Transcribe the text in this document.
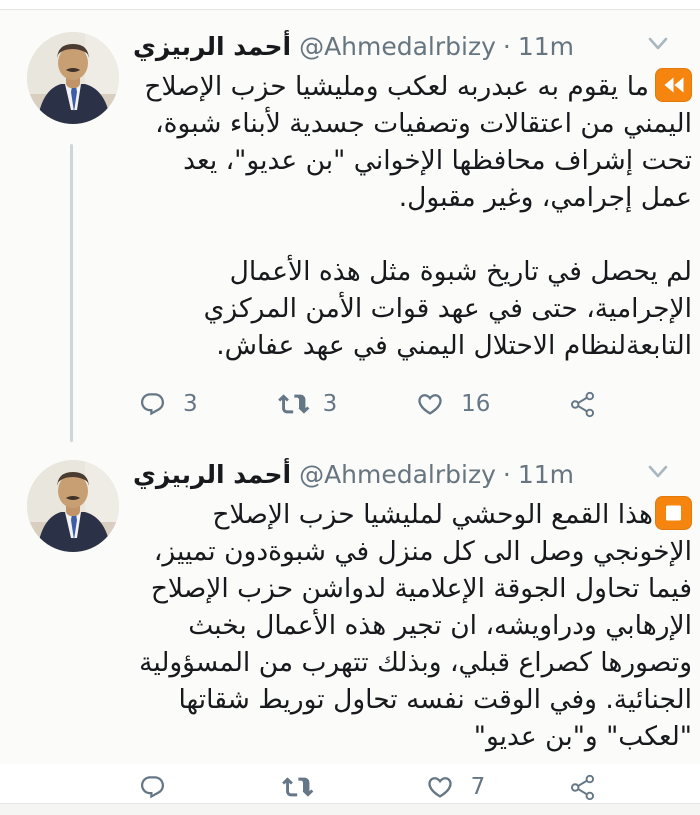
أحمد الربيزي @Ahmedalrbizy · 11m

ما يقوم به عبدربه لعكب ومليشيا حزب الإصلاح اليمني من اعتقالات وتصفيات جسدية لأبناء شبوة، تحت إشراف محافظها الإخواني "بن عديو"، يعد عمل إجرامي، وغير مقبول.

لم يحصل في تاريخ شبوة مثل هذه الأعمال الإجرامية، حتى في عهد قوات الأمن المركزي التابعةلنظام الاحتلال اليمني في عهد عفاش.

3	3	16
أحمد الربيزي @Ahmedalrbizy · 11m

هذا القمع الوحشي لمليشيا حزب الإصلاح الإخونجي وصل الى كل منزل في شبوةدون تمييز، فيما تحاول الجوقة الإعلامية لدواشن حزب الإصلاح الإرهابي ودراويشه، ان تجير هذه الأعمال بخبث وتصورها كصراع قبلي، وبذلك تتهرب من المسؤولية الجنائية. وفي الوقت نفسه تحاول توريط شقاتها "لعكب" و"بن عديو"

7
